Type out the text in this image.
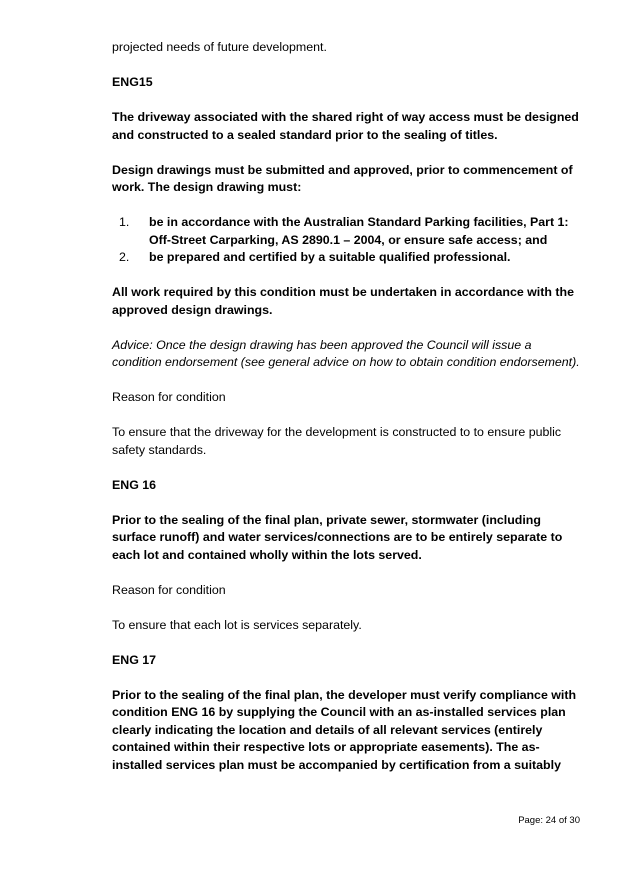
projected needs of future development.

ENG15

The driveway associated with the shared right of way access must be designed and constructed to a sealed standard prior to the sealing of titles.

Design drawings must be submitted and approved, prior to commencement of work. The design drawing must:

1. be in accordance with the Australian Standard Parking facilities, Part 1: Off-Street Carparking, AS 2890.1 – 2004, or ensure safe access; and
2. be prepared and certified by a suitable qualified professional.

All work required by this condition must be undertaken in accordance with the approved design drawings.

Advice: Once the design drawing has been approved the Council will issue a condition endorsement (see general advice on how to obtain condition endorsement).

Reason for condition

To ensure that the driveway for the development is constructed to to ensure public safety standards.

ENG 16

Prior to the sealing of the final plan, private sewer, stormwater (including surface runoff) and water services/connections are to be entirely separate to each lot and contained wholly within the lots served.

Reason for condition

To ensure that each lot is services separately.

ENG 17

Prior to the sealing of the final plan, the developer must verify compliance with condition ENG 16 by supplying the Council with an as-installed services plan clearly indicating the location and details of all relevant services (entirely contained within their respective lots or appropriate easements). The as-installed services plan must be accompanied by certification from a suitably

Page: 24 of 30
